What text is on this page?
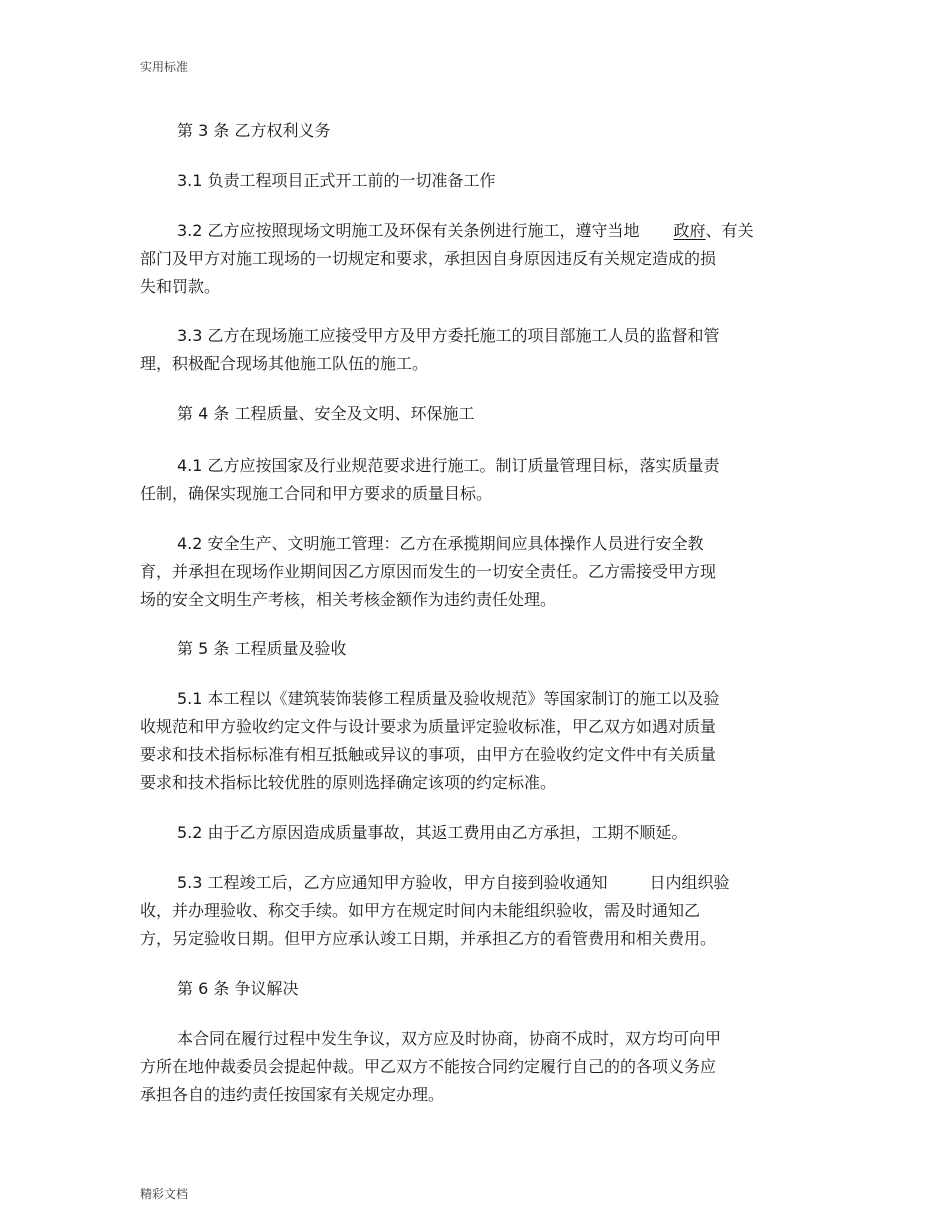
实用标准
第 3 条 乙方权利义务
3.1 负责工程项目正式开工前的一切准备工作
3.2 乙方应按照现场文明施工及环保有关条例进行施工，遵守当地 政府、有关
部门及甲方对施工现场的一切规定和要求，承担因自身原因违反有关规定造成的损
失和罚款。
3.3 乙方在现场施工应接受甲方及甲方委托施工的项目部施工人员的监督和管
理，积极配合现场其他施工队伍的施工。
第 4 条 工程质量、安全及文明、环保施工
4.1 乙方应按国家及行业规范要求进行施工。制订质量管理目标，落实质量责
任制，确保实现施工合同和甲方要求的质量目标。
4.2 安全生产、文明施工管理：乙方在承揽期间应具体操作人员进行安全教
育，并承担在现场作业期间因乙方原因而发生的一切安全责任。乙方需接受甲方现
场的安全文明生产考核，相关考核金额作为违约责任处理。
第 5 条 工程质量及验收
5.1 本工程以《建筑装饰装修工程质量及验收规范》等国家制订的施工以及验
收规范和甲方验收约定文件与设计要求为质量评定验收标准，甲乙双方如遇对质量
要求和技术指标标准有相互抵触或异议的事项，由甲方在验收约定文件中有关质量
要求和技术指标比较优胜的原则选择确定该项的约定标准。
5.2 由于乙方原因造成质量事故，其返工费用由乙方承担，工期不顺延。
5.3 工程竣工后，乙方应通知甲方验收，甲方自接到验收通知	日内组织验
收，并办理验收、称交手续。如甲方在规定时间内未能组织验收，需及时通知乙
方，另定验收日期。但甲方应承认竣工日期，并承担乙方的看管费用和相关费用。
第 6 条 争议解决
本合同在履行过程中发生争议，双方应及时协商，协商不成时，双方均可向甲
方所在地仲裁委员会提起仲裁。甲乙双方不能按合同约定履行自己的的各项义务应
承担各自的违约责任按国家有关规定办理。
精彩文档
